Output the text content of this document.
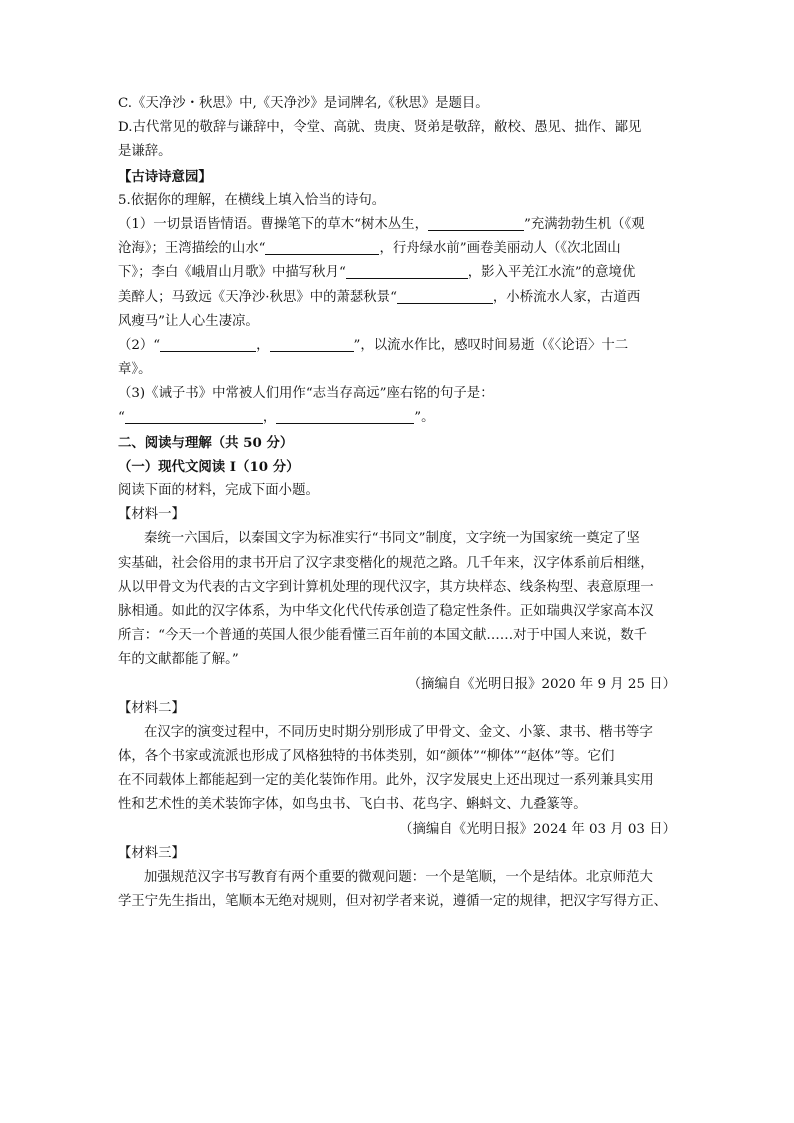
C.《天净沙・秋思》中,《天净沙》是词牌名,《秋思》是题目。
D.古代常见的敬辞与谦辞中，令堂、高就、贵庚、贤弟是敬辞，敝校、愚见、拙作、鄙见
是谦辞。
【古诗诗意园】
5.依据你的理解，在横线上填入恰当的诗句。
（1）一切景语皆情语。曹操笔下的草木“树木丛生，	”充满勃勃生机（《观
沧海》；王湾描绘的山水“	，行舟绿水前”画卷美丽动人（《次北固山
下》；李白《峨眉山月歌》中描写秋月“	，影入平羌江水流”的意境优
美醉人；马致远《天净沙·秋思》中的萧瑟秋景“	，小桥流水人家，古道西
风瘦马”让人心生凄凉。
（2）“	，	”，以流水作比，感叹时间易逝（《〈论语〉十二
章》。
（3)《诫子书》中常被人们用作“志当存高远”座右铭的句子是：
“	，	”。
二、阅读与理解（共 50 分）
（一）现代文阅读 I（10 分）
阅读下面的材料，完成下面小题。
【材料一】
秦统一六国后，以秦国文字为标准实行“书同文”制度，文字统一为国家统一奠定了坚
实基础，社会俗用的隶书开启了汉字隶变楷化的规范之路。几千年来，汉字体系前后相继，
从以甲骨文为代表的古文字到计算机处理的现代汉字，其方块样态、线条构型、表意原理一
脉相通。如此的汉字体系，为中华文化代代传承创造了稳定性条件。正如瑞典汉学家高本汉
所言：“今天一个普通的英国人很少能看懂三百年前的本国文献……对于中国人来说，数千
年的文献都能了解。”
（摘编自《光明日报》2020 年 9 月 25 日）
【材料二】
在汉字的演变过程中，不同历史时期分别形成了甲骨文、金文、小篆、隶书、楷书等字
体，各个书家或流派也形成了风格独特的书体类别，如“颜体”“柳体”“赵体”等。它们
在不同载体上都能起到一定的美化装饰作用。此外，汉字发展史上还出现过一系列兼具实用
性和艺术性的美术装饰字体，如鸟虫书、飞白书、花鸟字、蝌蚪文、九叠篆等。
（摘编自《光明日报》2024 年 03 月 03 日）
【材料三】
加强规范汉字书写教育有两个重要的微观问题：一个是笔顺，一个是结体。北京师范大
学王宁先生指出，笔顺本无绝对规则，但对初学者来说，遵循一定的规律，把汉字写得方正、
